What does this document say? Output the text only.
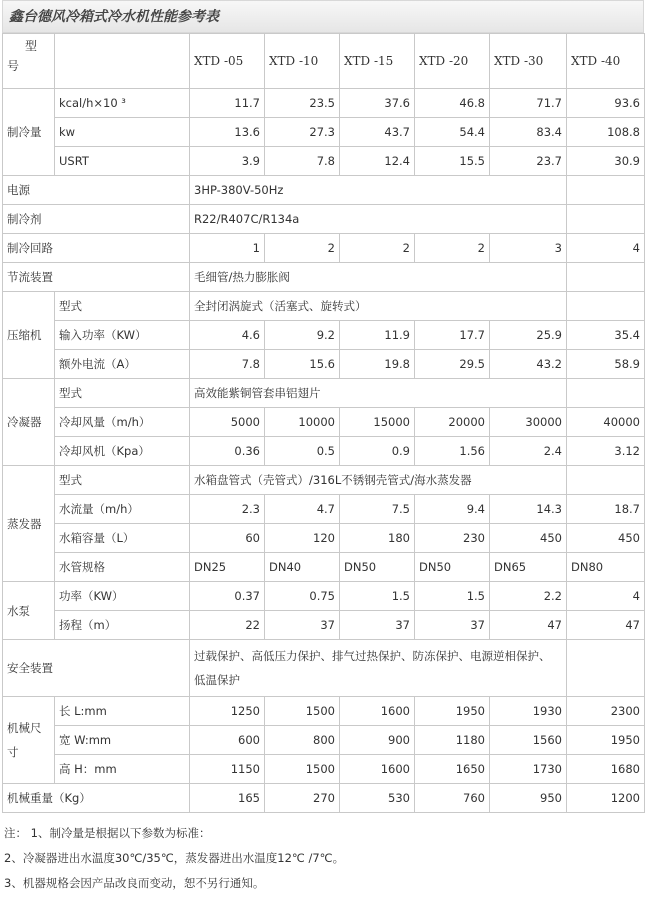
鑫台德风冷箱式冷水机性能参考表
型
号		XTD -05	XTD -10	XTD -15	XTD -20	XTD -30	XTD -40
制冷量	kcal/h×10 ³	11.7	23.5	37.6	46.8	71.7	93.6
	kw	13.6	27.3	43.7	54.4	83.4	108.8
	USRT	3.9	7.8	12.4	15.5	23.7	30.9
电源		3HP-380V-50Hz					
制冷剂		R22/R407C/R134a					
制冷回路		1	2	2	2	3	4
节流装置		毛细管/热力膨胀阀					
压缩机	型式	全封闭涡旋式（活塞式、旋转式）					
	输入功率（KW）	4.6	9.2	11.9	17.7	25.9	35.4
	额外电流（A）	7.8	15.6	19.8	29.5	43.2	58.9
冷凝器	型式	高效能紫铜管套串铝翅片					
	冷却风量（m/h）	5000	10000	15000	20000	30000	40000
	冷却风机（Kpa）	0.36	0.5	0.9	1.56	2.4	3.12
蒸发器	型式	水箱盘管式（壳管式）/316L不锈钢壳管式/海水蒸发器					
	水流量（m/h）	2.3	4.7	7.5	9.4	14.3	18.7
	水箱容量（L）	60	120	180	230	450	450
	水管规格	DN25	DN40	DN50	DN50	DN65	DN80
水泵	功率（KW）	0.37	0.75	1.5	1.5	2.2	4
	扬程（m）	22	37	37	37	47	47
安全装置		过载保护、高低压力保护、排气过热保护、防冻保护、电源逆相保护、
低温保护					
机械尺
寸	长 L:mm	1250	1500	1600	1950	1930	2300
	宽 W:mm	600	800	900	1180	1560	1950
	高 H：mm	1150	1500	1600	1650	1730	1680
机械重量（Kg）		165	270	530	760	950	1200
注： 1、制冷量是根据以下参数为标准：
2、冷凝器进出水温度30℃/35℃，蒸发器进出水温度12℃ /7℃。
3、机器规格会因产品改良而变动，恕不另行通知。
